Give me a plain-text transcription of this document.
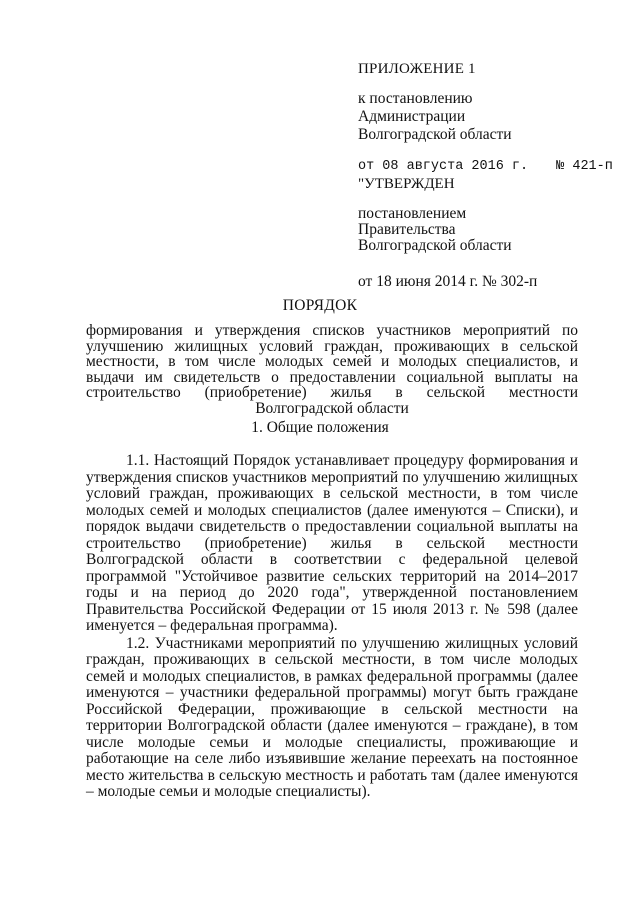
ПРИЛОЖЕНИЕ 1
к постановлению
Администрации
Волгоградской области
от 08 августа 2016 г. № 421-п
"УТВЕРЖДЕН
постановлением
Правительства
Волгоградской области
от 18 июня 2014 г. № 302-п
ПОРЯДОК
формирования и утверждения списков участников мероприятий по улучшению жилищных условий граждан, проживающих в сельской местности, в том числе молодых семей и молодых специалистов, и выдачи им свидетельств о предоставлении социальной выплаты на строительство (приобретение) жилья в сельской местности Волгоградской области
1. Общие положения

1.1. Настоящий Порядок устанавливает процедуру формирования и утверждения списков участников мероприятий по улучшению жилищных условий граждан, проживающих в сельской местности, в том числе молодых семей и молодых специалистов (далее именуются – Списки), и порядок выдачи свидетельств о предоставлении социальной выплаты на строительство (приобретение) жилья в сельской местности Волгоградской области в соответствии с федеральной целевой программой "Устойчивое развитие сельских территорий на 2014–2017 годы и на период до 2020 года", утвержденной постановлением Правительства Российской Федерации от 15 июля 2013 г. № 598 (далее именуется – федеральная программа).

1.2. Участниками мероприятий по улучшению жилищных условий граждан, проживающих в сельской местности, в том числе молодых семей и молодых специалистов, в рамках федеральной программы (далее именуются – участники федеральной программы) могут быть граждане Российской Федерации, проживающие в сельской местности на территории Волгоградской области (далее именуются – граждане), в том числе молодые семьи и молодые специалисты, проживающие и работающие на селе либо изъявившие желание переехать на постоянное место жительства в сельскую местность и работать там (далее именуются – молодые семьи и молодые специалисты).
